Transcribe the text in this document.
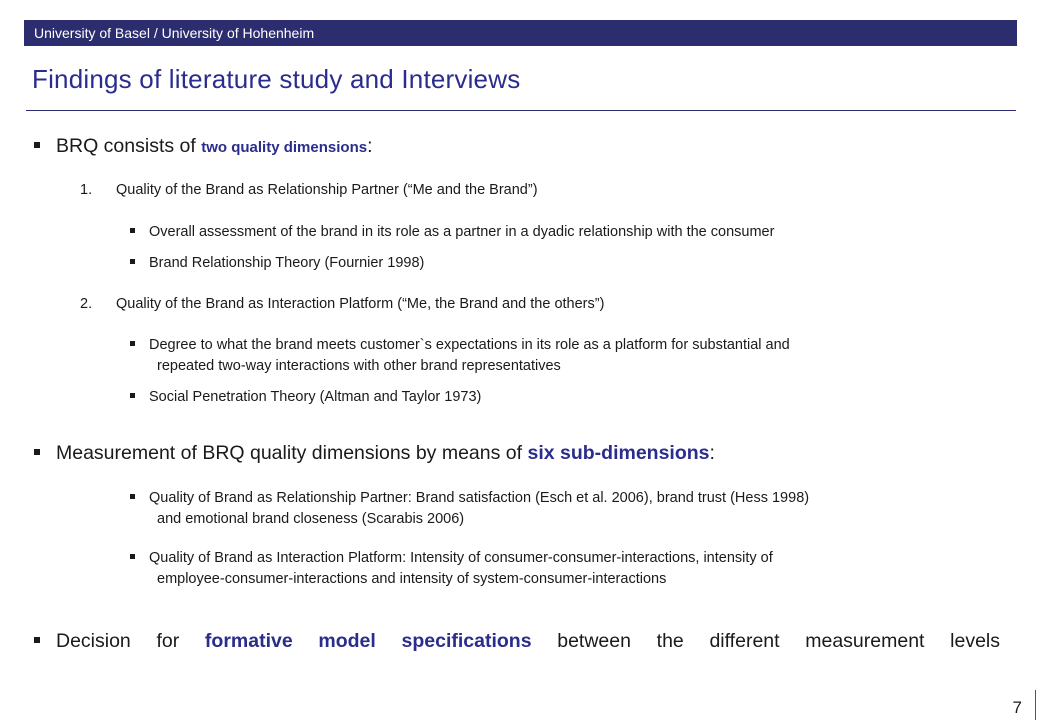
University of Basel / University of Hohenheim
Findings of literature study and Interviews
BRQ consists of two quality dimensions:
1. Quality of the Brand as Relationship Partner (“Me and the Brand”)
Overall assessment of the brand in its role as a partner in a dyadic relationship with the consumer
Brand Relationship Theory (Fournier 1998)
2. Quality of the Brand as Interaction Platform (“Me, the Brand and the others”)
Degree to what the brand meets customer`s expectations in its role as a platform for substantial and
repeated two-way interactions with other brand representatives
Social Penetration Theory (Altman and Taylor 1973)
Measurement of BRQ quality dimensions by means of six sub-dimensions:
Quality of Brand as Relationship Partner: Brand satisfaction (Esch et al. 2006), brand trust (Hess 1998)
and emotional brand closeness (Scarabis 2006)
Quality of Brand as Interaction Platform: Intensity of consumer-consumer-interactions, intensity of
employee-consumer-interactions and intensity of system-consumer-interactions
Decision for formative model specifications between the different measurement levels
7
